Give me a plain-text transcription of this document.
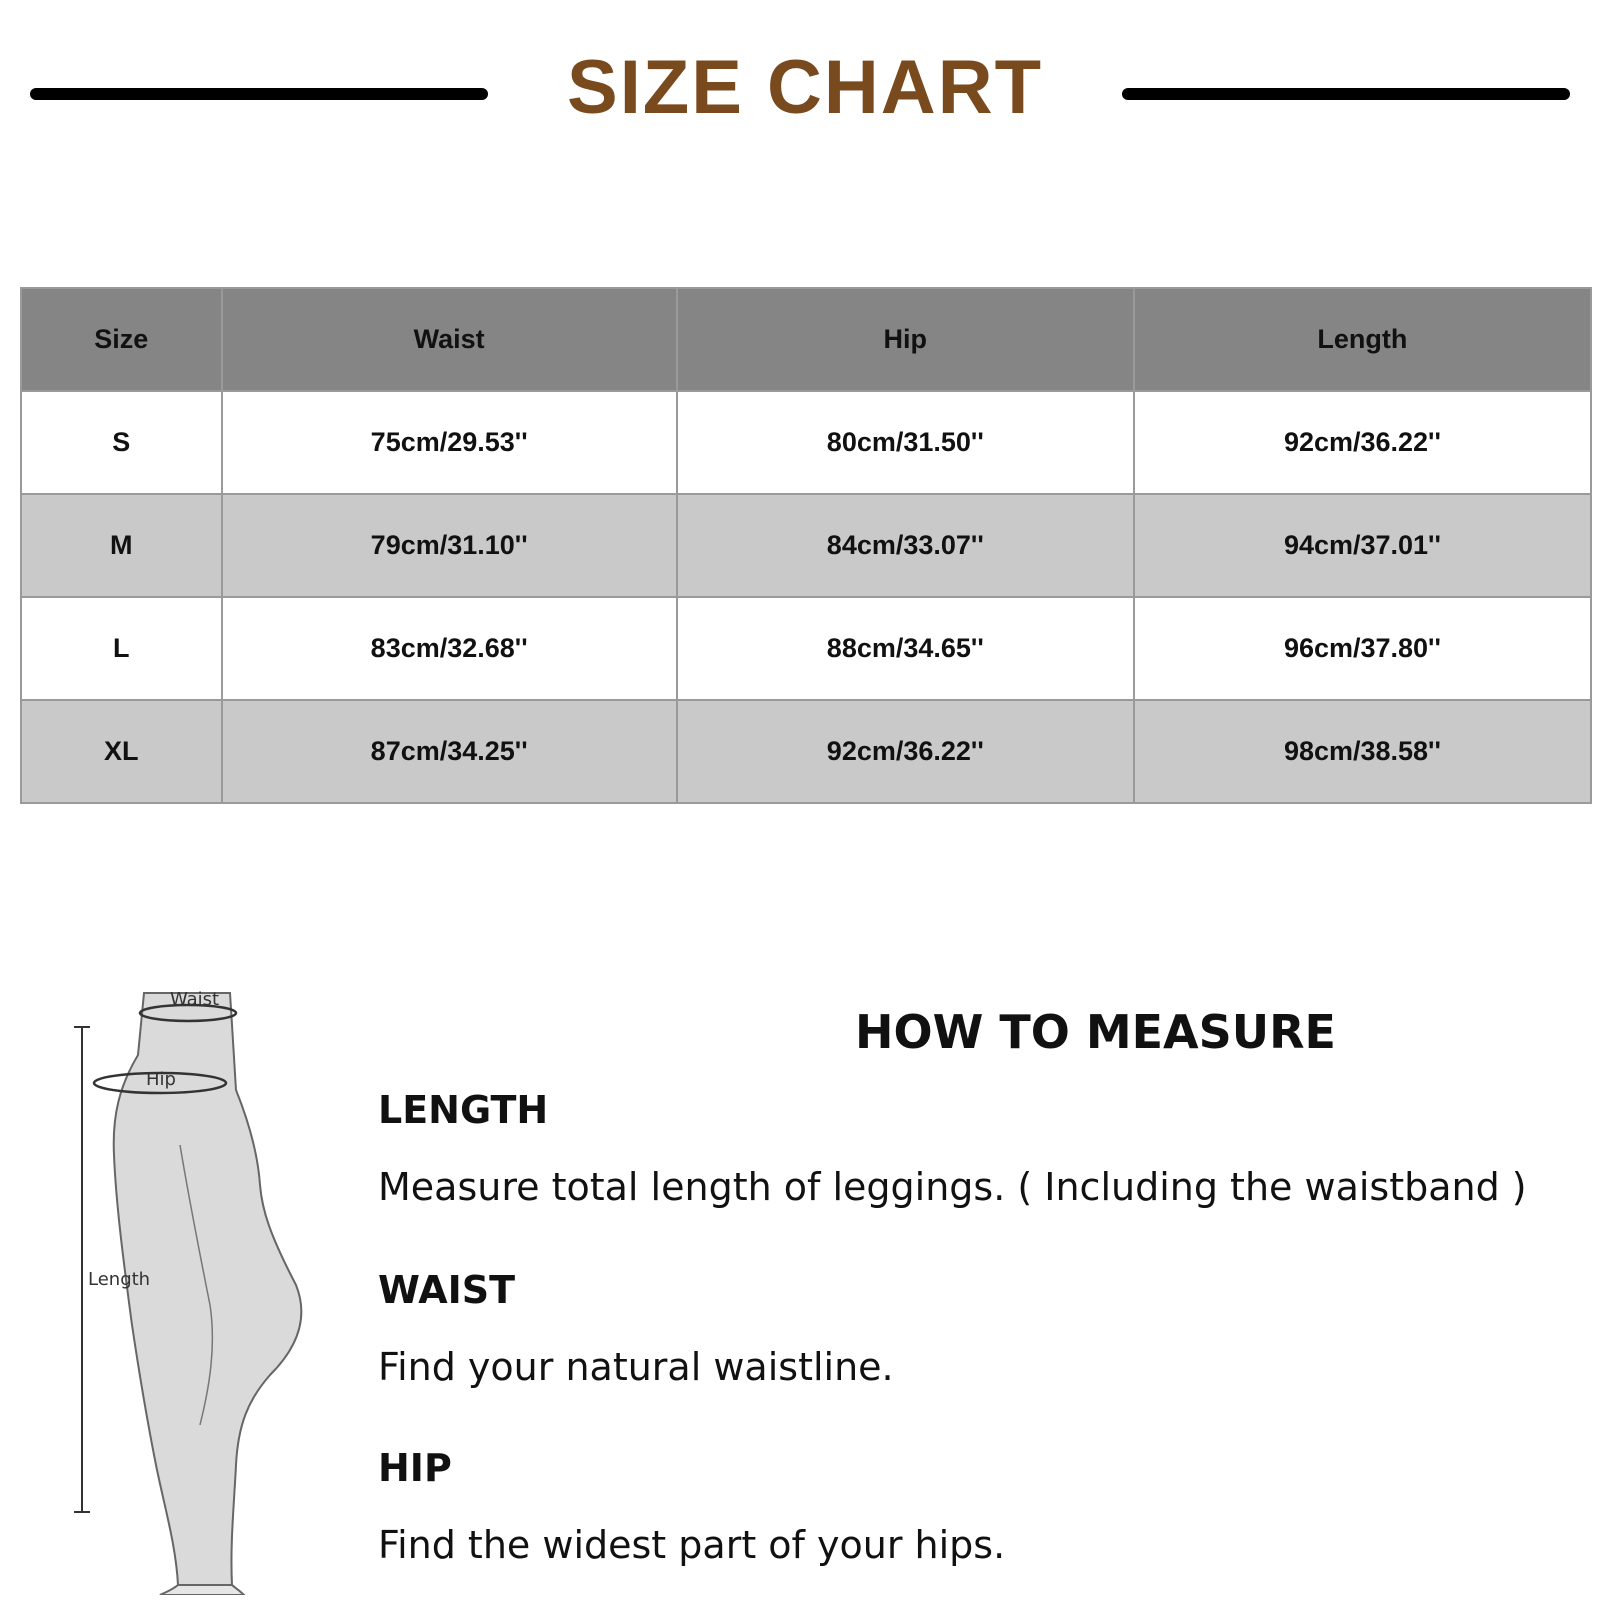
SIZE CHART
Size	Waist	Hip	Length
S	75cm/29.53''	80cm/31.50''	92cm/36.22''
M	79cm/31.10''	84cm/33.07''	94cm/37.01''
L	83cm/32.68''	88cm/34.65''	96cm/37.80''
XL	87cm/34.25''	92cm/36.22''	98cm/38.58''
Waist
Hip
Length
HOW TO MEASURE
LENGTH
Measure total length of leggings. ( Including the waistband )
WAIST
Find your natural waistline.
HIP
Find the widest part of your hips.
